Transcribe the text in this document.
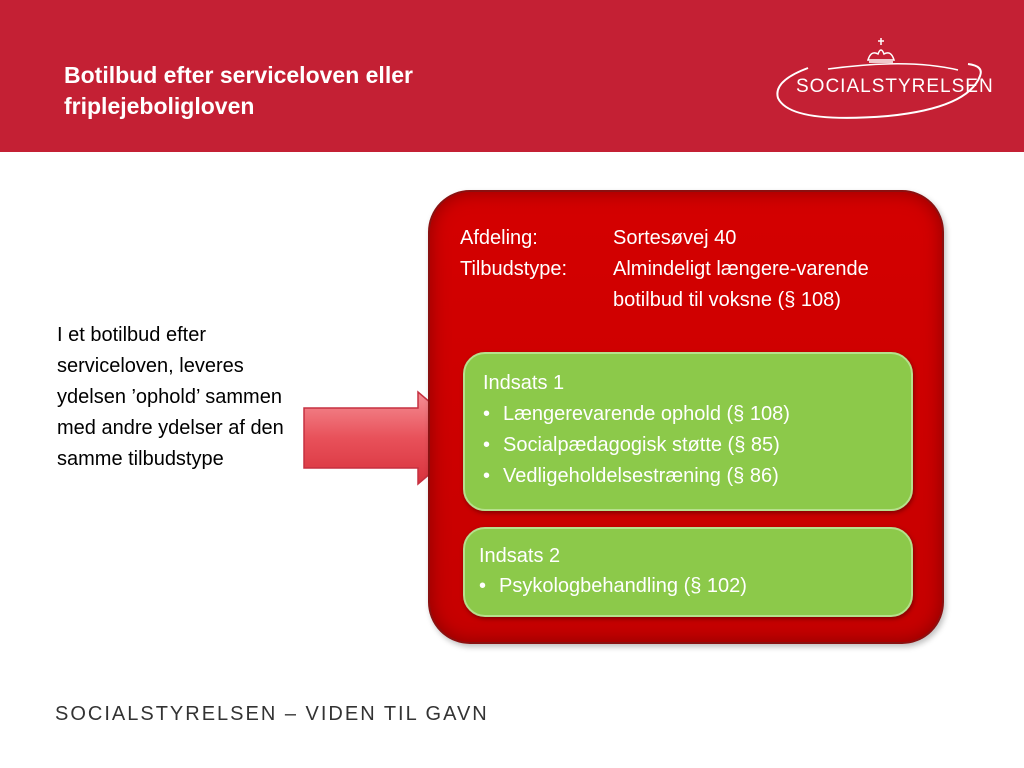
Botilbud efter serviceloven eller friplejeboligloven
SOCIALSTYRELSEN
I et botilbud efter serviceloven, leveres ydelsen ’ophold’ sammen med andre ydelser af den samme tilbudstype
Afdeling:	Sortesøvej 40
Tilbudstype: Almindeligt længere-varende botilbud til voksne (§ 108)
Indsats 1
• Længerevarende ophold (§ 108)
• Socialpædagogisk støtte (§ 85)
• Vedligeholdelsestræning (§ 86)
Indsats 2
• Psykologbehandling (§ 102)
SOCIALSTYRELSEN – VIDEN TIL GAVN
